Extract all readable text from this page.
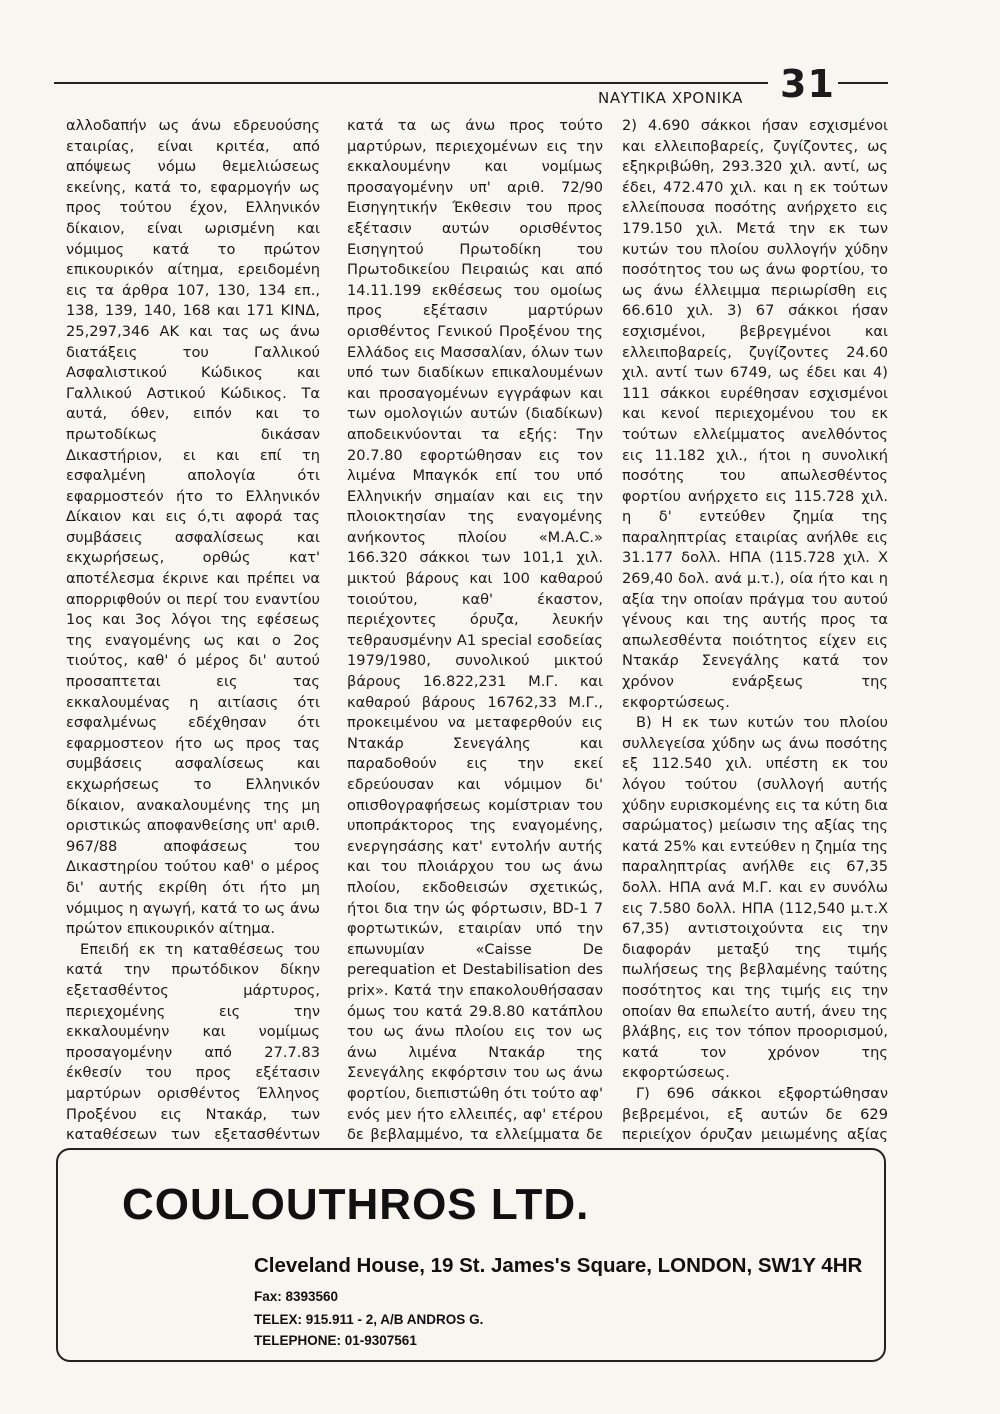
ΝΑΥΤΙΚΑ ΧΡΟΝΙΚΑ 31

αλλοδαπήν ως άνω εδρευούσης εταιρίας, είναι κριτέα, από απόψεως νόμω θεμελιώσεως εκείνης, κατά το, εφαρμογήν ως προς τούτου έχον, Ελληνικόν δίκαιον, είναι ωρισμένη και νόμιμος κατά το πρώτον επικουρικόν αίτημα, ερειδομένη εις τα άρθρα 107, 130, 134 επ., 138, 139, 140, 168 και 171 ΚΙΝΔ, 25,297,346 ΑΚ και τας ως άνω διατάξεις του Γαλλικού Ασφαλιστικού Κώδικος και Γαλλικού Αστικού Κώδικος. Τα αυτά, όθεν, ειπόν και το πρωτοδίκως δικάσαν Δικαστήριον, ει και επί τη εσφαλμένη απολογία ότι εφαρμοστεόν ήτο το Ελληνικόν Δίκαιον και εις ό,τι αφορά τας συμβάσεις ασφαλίσεως και εκχωρήσεως, ορθώς κατ' αποτέλεσμα έκρινε και πρέπει να απορριφθούν οι περί του εναντίου 1ος και 3ος λόγοι της εφέσεως της εναγομένης ως και ο 2ος τιούτος, καθ' ό μέρος δι' αυτού προσαπτεται εις τας εκκαλουμένας η αιτίασις ότι εσφαλμένως εδέχθησαν ότι εφαρμοστεον ήτο ως προς τας συμβάσεις ασφαλίσεως και εκχωρήσεως το Ελληνικόν δίκαιον, ανακαλουμένης της μη οριστικώς αποφανθείσης υπ' αριθ. 967/88 αποφάσεως του Δικαστηρίου τούτου καθ' ο μέρος δι' αυτής εκρίθη ότι ήτο μη νόμιμος η αγωγή, κατά το ως άνω πρώτον επικουρικόν αίτημα.

Επειδή εκ τη καταθέσεως του κατά την πρωτόδικον δίκην εξετασθέντος μάρτυρος, περιεχομένης εις την εκκαλουμένην και νομίμως προσαγομένην από 27.7.83 έκθεσίν του προς εξέτασιν μαρτύρων ορισθέντος Έλληνος Προξένου εις Ντακάρ, των καταθέσεων των εξετασθέντων

κατά τα ως άνω προς τούτο μαρτύρων, περιεχομένων εις την εκκαλουμένην και νομίμως προσαγομένην υπ' αριθ. 72/90 Εισηγητικήν Έκθεσιν του προς εξέτασιν αυτών ορισθέντος Εισηγητού Πρωτοδίκη του Πρωτοδικείου Πειραιώς και από 14.11.199 εκθέσεως του ομοίως προς εξέτασιν μαρτύρων ορισθέντος Γενικού Προξένου της Ελλάδος εις Μασσαλίαν, όλων των υπό των διαδίκων επικαλουμένων και προσαγομένων εγγράφων και των ομολογιών αυτών (διαδίκων) αποδεικνύονται τα εξής: Την 20.7.80 εφορτώθησαν εις τον λιμένα Μπαγκόκ επί του υπό Ελληνικήν σημαίαν και εις την πλοιοκτησίαν της εναγομένης ανήκοντος πλοίου «M.A.C.» 166.320 σάκκοι των 101,1 χιλ. μικτού βάρους και 100 καθαρού τοιούτου, καθ' έκαστον, περιέχοντες όρυζα, λευκήν τεθραυσμένην A1 special εσοδείας 1979/1980, συνολικού μικτού βάρους 16.822,231 Μ.Γ. και καθαρού βάρους 16762,33 Μ.Γ., προκειμένου να μεταφερθούν εις Ντακάρ Σενεγάλης και παραδοθούν εις την εκεί εδρεύουσαν και νόμιμον δι' οπισθογραφήσεως κομίστριαν του υποπράκτορος της εναγομένης, ενεργησάσης κατ' εντολήν αυτής και του πλοιάρχου του ως άνω πλοίου, εκδοθεισών σχετικώς, ήτοι δια την ώς φόρτωσιν, BD-1 7 φορτωτικών, εταιρίαν υπό την επωνυμίαν «Caisse De perequation et Destabilisation des prix». Κατά την επακολουθήσασαν όμως του κατά 29.8.80 κατάπλου του ως άνω πλοίου εις τον ως άνω λιμένα Ντακάρ της Σενεγάλης εκφόρτσιν του ως άνω φορτίου, διεπιστώθη ότι τούτο αφ' ενός μεν ήτο ελλειπές, αφ' ετέρου δε βεβλαμμένο, τα ελλείμματα δε

2) 4.690 σάκκοι ήσαν εσχισμένοι και ελλειποβαρείς, ζυγίζοντες, ως εξηκριβώθη, 293.320 χιλ. αντί, ως έδει, 472.470 χιλ. και η εκ τούτων ελλείπουσα ποσότης ανήρχετο εις 179.150 χιλ. Μετά την εκ των κυτών του πλοίου συλλογήν χύδην ποσότητος του ως άνω φορτίου, το ως άνω έλλειμμα περιωρίσθη εις 66.610 χιλ. 3) 67 σάκκοι ήσαν εσχισμένοι, βεβρεγμένοι και ελλειποβαρείς, ζυγίζοντες 24.60 χιλ. αντί των 6749, ως έδει και 4) 111 σάκκοι ευρέθησαν εσχισμένοι και κενοί περιεχομένου του εκ τούτων ελλείμματος ανελθόντος εις 11.182 χιλ., ήτοι η συνολική ποσότης του απωλεσθέντος φορτίου ανήρχετο εις 115.728 χιλ. η δ' εντεύθεν ζημία της παραληπτρίας εταιρίας ανήλθε εις 31.177 δολλ. ΗΠΑ (115.728 χιλ. Χ 269,40 δολ. ανά μ.τ.), οία ήτο και η αξία την οποίαν πράγμα του αυτού γένους και της αυτής προς τα απωλεσθέντα ποιότητος είχεν εις Ντακάρ Σενεγάλης κατά τον χρόνον ενάρξεως της εκφορτώσεως.

Β) Η εκ των κυτών του πλοίου συλλεγείσα χύδην ως άνω ποσότης εξ 112.540 χιλ. υπέστη εκ του λόγου τούτου (συλλογή αυτής χύδην ευρισκομένης εις τα κύτη δια σαρώματος) μείωσιν της αξίας της κατά 25% και εντεύθεν η ζημία της παραληπτρίας ανήλθε εις 67,35 δολλ. ΗΠΑ ανά Μ.Γ. και εν συνόλω εις 7.580 δολλ. ΗΠΑ (112,540 μ.τ.Χ 67,35) αντιστοιχούντα εις την διαφοράν μεταξύ της τιμής πωλήσεως της βεβλαμένης ταύτης ποσότητος και της τιμής εις την οποίαν θα επωλείτο αυτή, άνευ της βλάβης, εις τον τόπον προορισμού, κατά τον χρόνον της εκφορτώσεως.

Γ) 696 σάκκοι εξφορτώθησαν βεβρεμένοι, εξ αυτών δε 629 περιείχον όρυζαν μειωμένης αξίας

COULOUTHROS LTD.
Cleveland House, 19 St. James's Square, LONDON, SW1Y 4HR
Fax: 8393560
TELEX: 915.911 - 2, A/B ANDROS G.
TELEPHONE: 01-9307561
